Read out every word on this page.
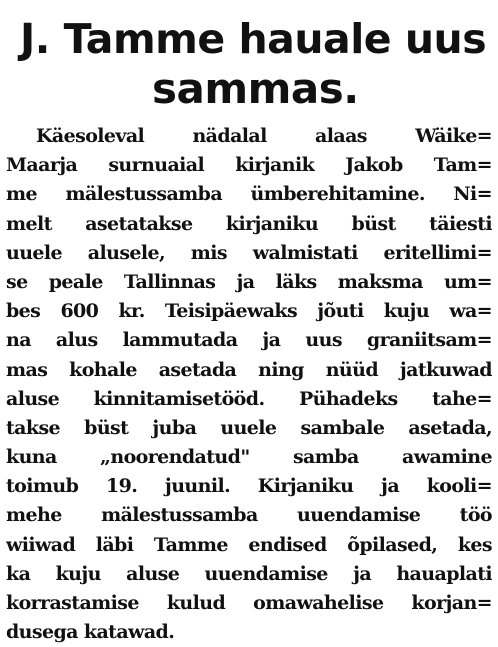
J. Tamme hauale uus
sammas.
Käesoleval nädalal alaas Wäike=
Maarja surnuaial kirjanik Jakob Tam=
me mälestussamba ümberehitamine. Ni=
melt asetatakse kirjaniku büst täiesti
uuele alusele, mis walmistati eritellimi=
se peale Tallinnas ja läks maksma um=
bes 600 kr. Teisipäewaks jõuti kuju wa=
na alus lammutada ja uus graniitsam=
mas kohale asetada ning nüüd jatkuwad
aluse kinnitamisetööd. Pühadeks tahe=
takse büst juba uuele sambale asetada,
kuna „noorendatud" samba awamine
toimub 19. juunil. Kirjaniku ja kooli=
mehe mälestussamba uuendamise töö
wiiwad läbi Tamme endised õpilased, kes
ka kuju aluse uuendamise ja hauaplati
korrastamise kulud omawahelise korjan=
dusega katawad.
